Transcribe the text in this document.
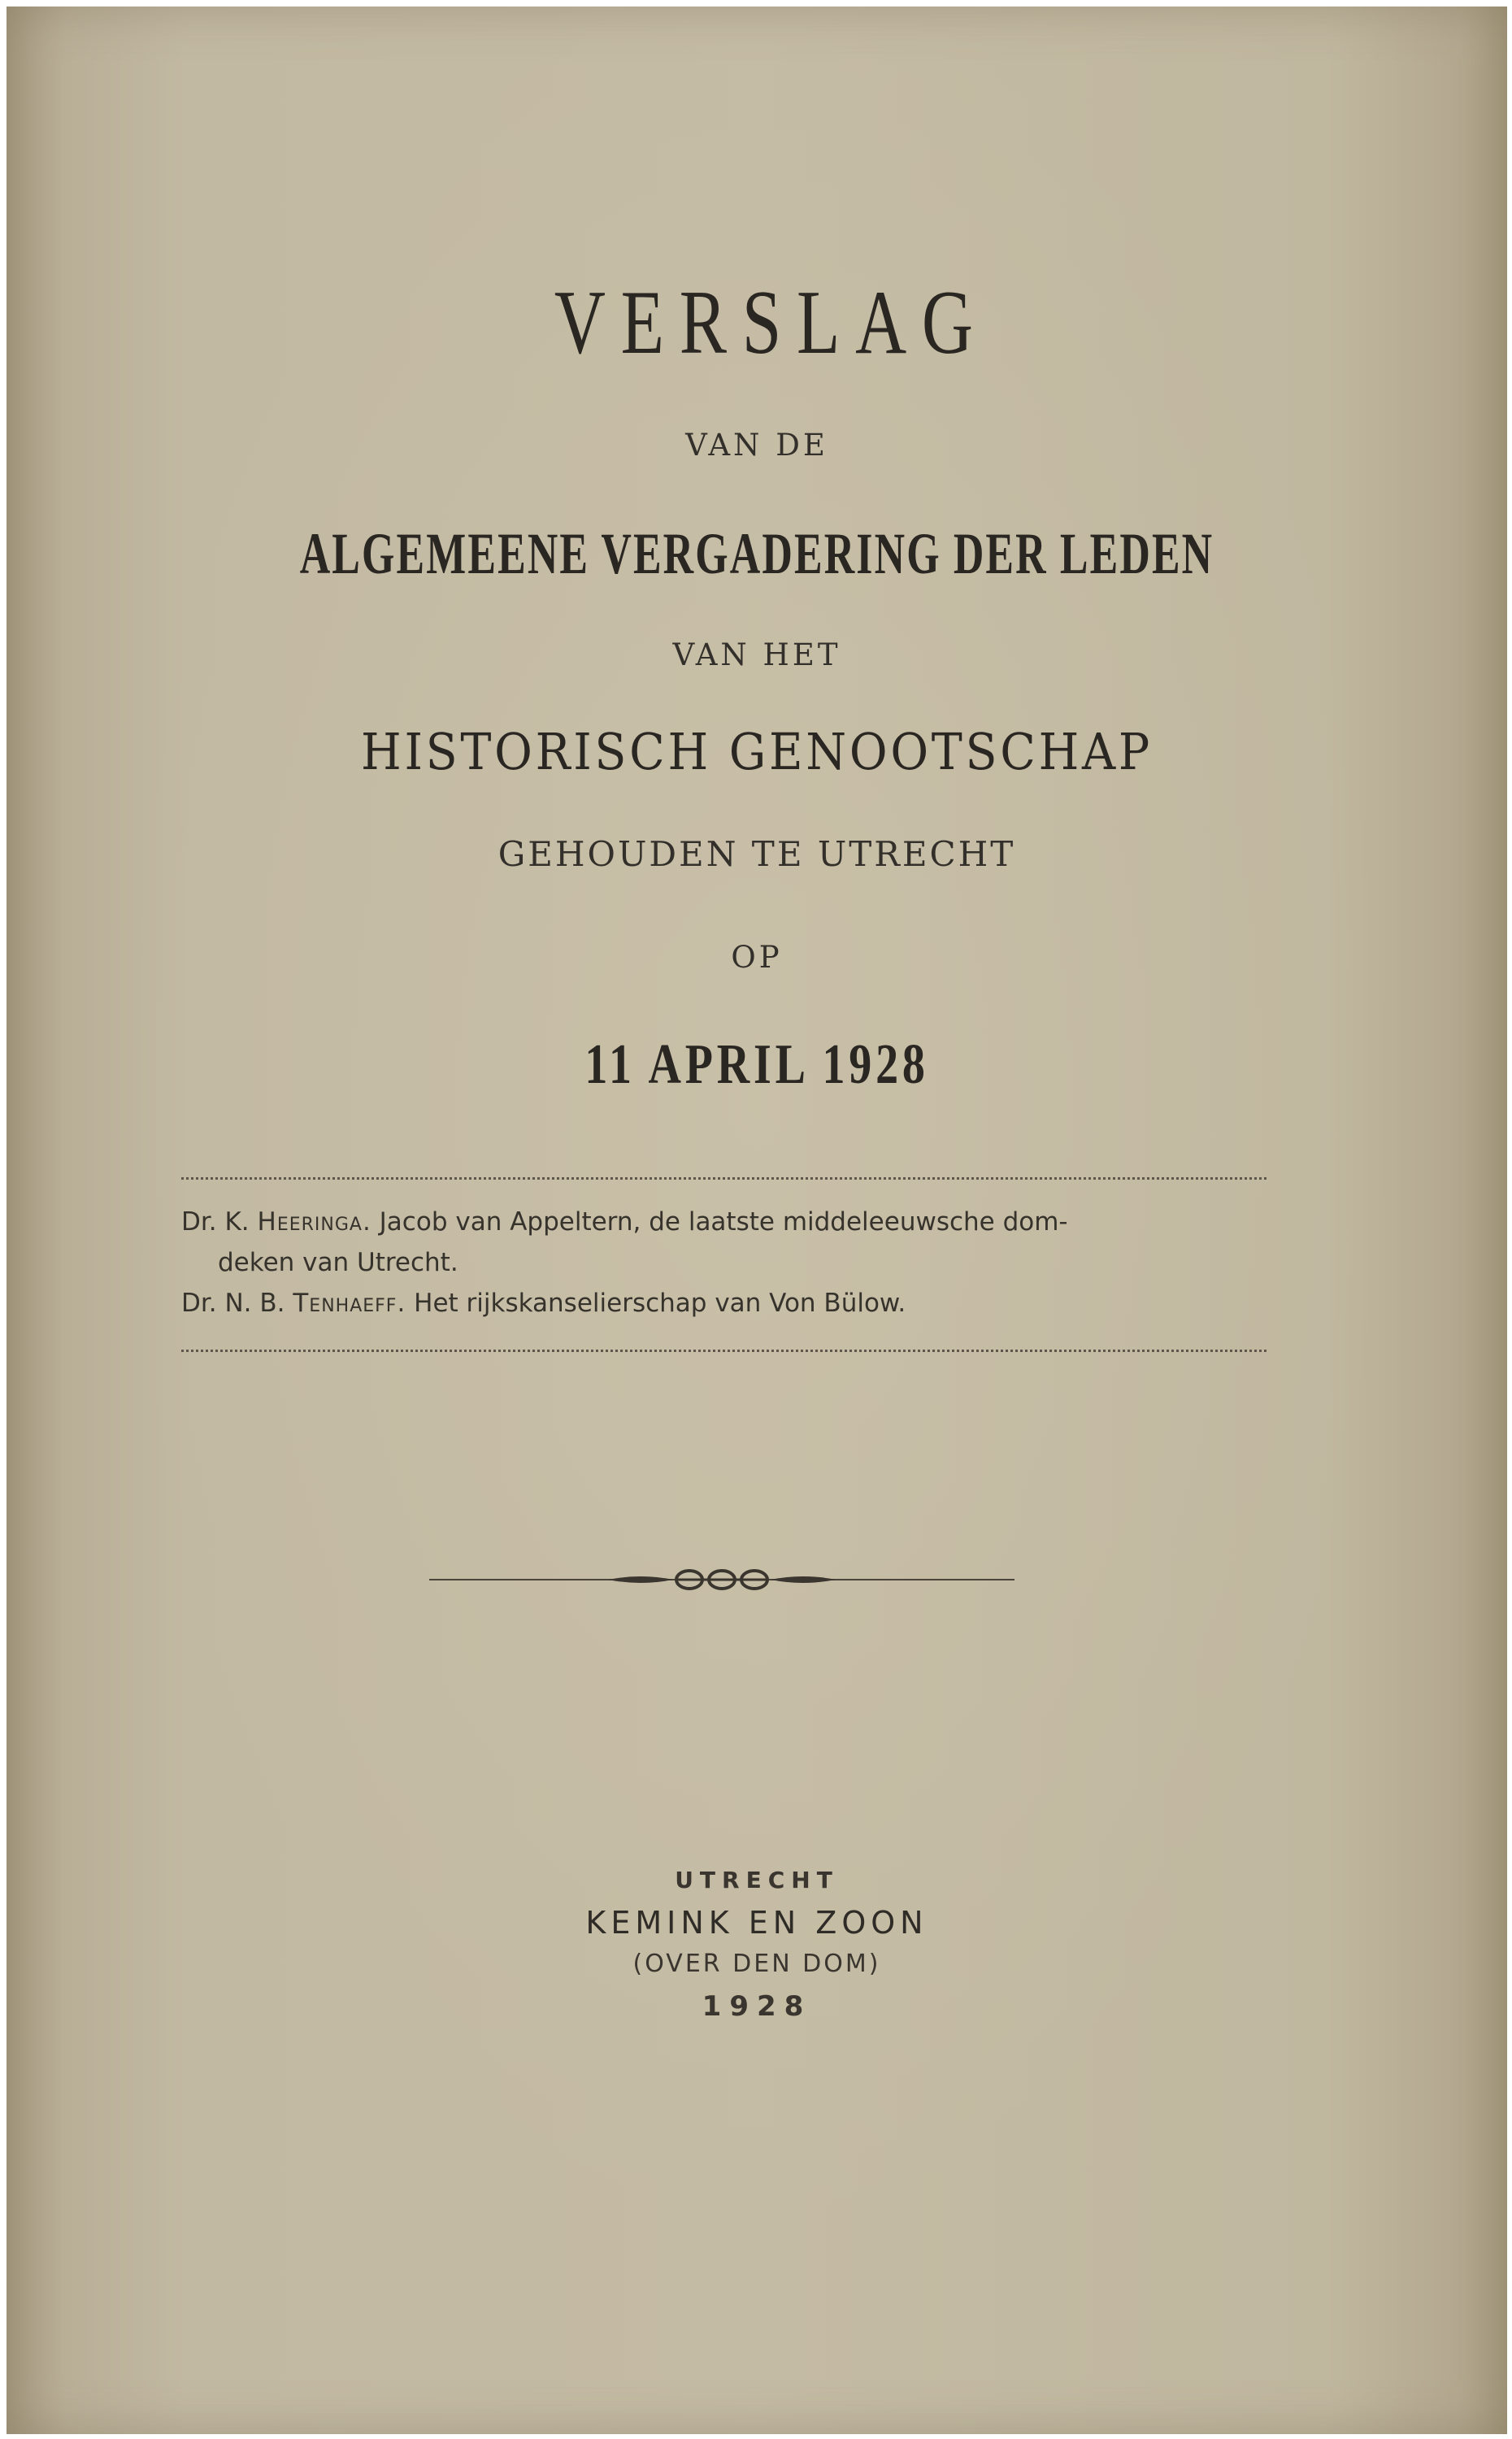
VERSLAG
VAN DE
ALGEMEENE VERGADERING DER LEDEN
VAN HET
HISTORISCH GENOOTSCHAP
GEHOUDEN TE UTRECHT
OP
11 APRIL 1928
Dr. K. Heeringa. Jacob van Appeltern, de laatste middeleeuwsche dom-
deken van Utrecht.
Dr. N. B. Tenhaeff. Het rijkskanselierschap van Von Bülow.
UTRECHT
KEMINK EN ZOON
(OVER DEN DOM)
1928
